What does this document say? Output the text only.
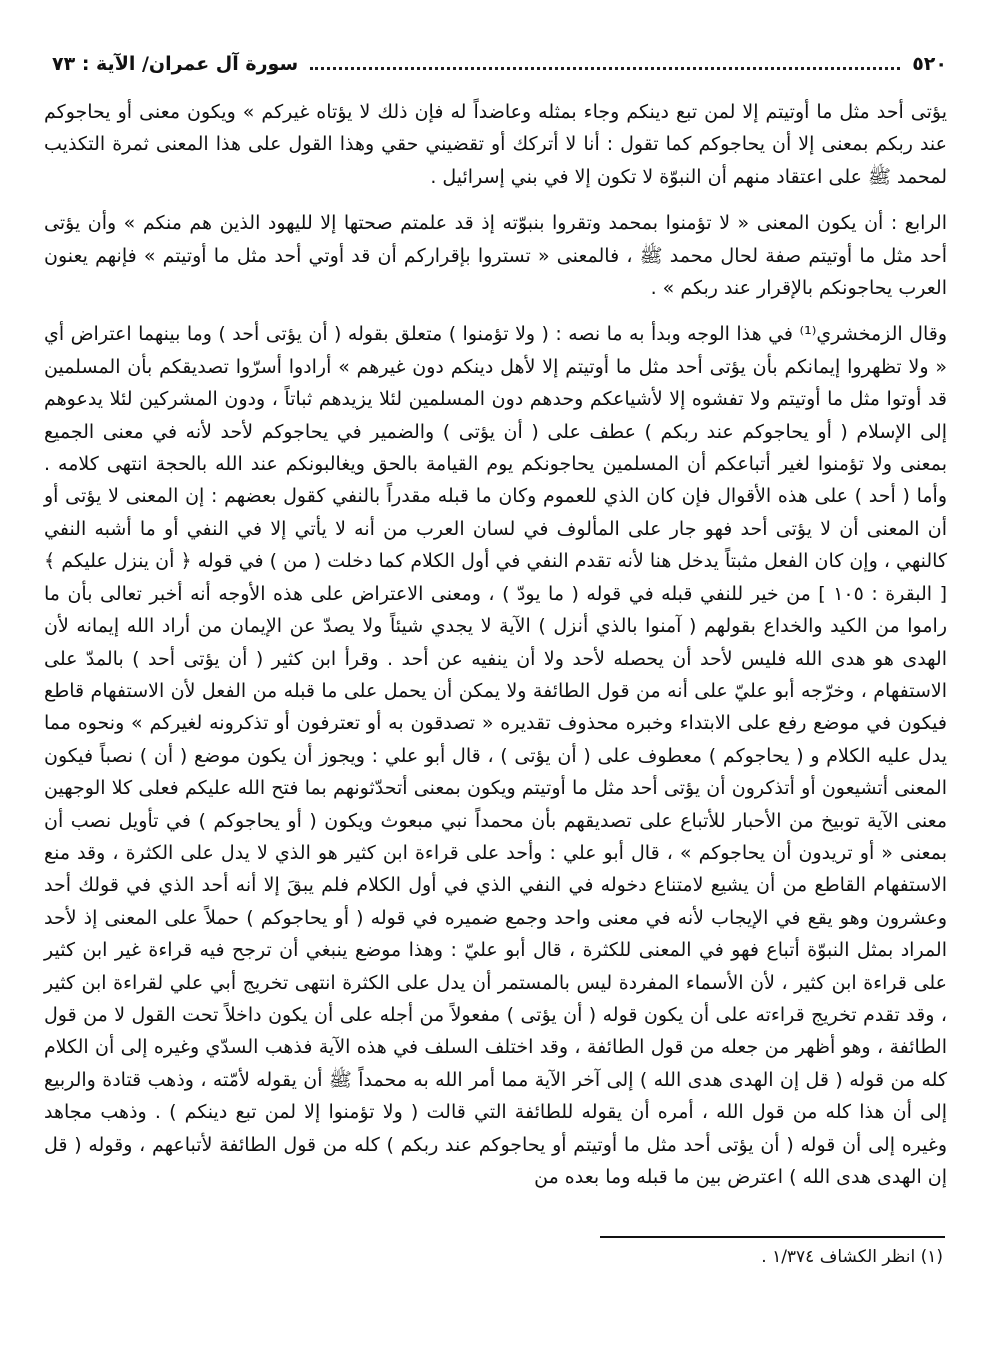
٥٢٠
سورة آل عمران/ الآية : ٧٣

يؤتى أحد مثل ما أوتيتم إلا لمن تبع دينكم وجاء بمثله وعاضداً له فإن ذلك لا يؤتاه غيركم » ويكون معنى أو يحاجوكم عند ربكم بمعنى إلا أن يحاجوكم كما تقول : أنا لا أتركك أو تقضيني حقي وهذا القول على هذا المعنى ثمرة التكذيب لمحمد ﷺ على اعتقاد منهم أن النبوّة لا تكون إلا في بني إسرائيل .

الرابع : أن يكون المعنى « لا تؤمنوا بمحمد وتقروا بنبوّته إذ قد علمتم صحتها إلا لليهود الذين هم منكم » وأن يؤتى أحد مثل ما أوتيتم صفة لحال محمد ﷺ ، فالمعنى « تستروا بإقراركم أن قد أوتي أحد مثل ما أوتيتم » فإنهم يعنون العرب يحاجونكم بالإقرار عند ربكم » .

وقال الزمخشري⁽¹⁾ في هذا الوجه وبدأ به ما نصه : ( ولا تؤمنوا ) متعلق بقوله ( أن يؤتى أحد ) وما بينهما اعتراض أي « ولا تظهروا إيمانكم بأن يؤتى أحد مثل ما أوتيتم إلا لأهل دينكم دون غيرهم » أرادوا أسرّوا تصديقكم بأن المسلمين قد أوتوا مثل ما أوتيتم ولا تفشوه إلا لأشياعكم وحدهم دون المسلمين لئلا يزيدهم ثباتاً ، ودون المشركين لئلا يدعوهم إلى الإسلام ( أو يحاجوكم عند ربكم ) عطف على ( أن يؤتى ) والضمير في يحاجوكم لأحد لأنه في معنى الجميع بمعنى ولا تؤمنوا لغير أتباعكم أن المسلمين يحاجونكم يوم القيامة بالحق ويغالبونكم عند الله بالحجة انتهى كلامه . وأما ( أحد ) على هذه الأقوال فإن كان الذي للعموم وكان ما قبله مقدراً بالنفي كقول بعضهم : إن المعنى لا يؤتى أو أن المعنى أن لا يؤتى أحد فهو جار على المألوف في لسان العرب من أنه لا يأتي إلا في النفي أو ما أشبه النفي كالنهي ، وإن كان الفعل مثبتاً يدخل هنا لأنه تقدم النفي في أول الكلام كما دخلت ( من ) في قوله ﴿ أن ينزل عليكم ﴾ [ البقرة : ١٠٥ ] من خير للنفي قبله في قوله ( ما يودّ ) ، ومعنى الاعتراض على هذه الأوجه أنه أخبر تعالى بأن ما راموا من الكيد والخداع بقولهم ( آمنوا بالذي أنزل ) الآية لا يجدي شيئاً ولا يصدّ عن الإيمان من أراد الله إيمانه لأن الهدى هو هدى الله فليس لأحد أن يحصله لأحد ولا أن ينفيه عن أحد . وقرأ ابن كثير ( أن يؤتى أحد ) بالمدّ على الاستفهام ، وخرّجه أبو عليّ على أنه من قول الطائفة ولا يمكن أن يحمل على ما قبله من الفعل لأن الاستفهام قاطع فيكون في موضع رفع على الابتداء وخبره محذوف تقديره « تصدقون به أو تعترفون أو تذكرونه لغيركم » ونحوه مما يدل عليه الكلام و ( يحاجوكم ) معطوف على ( أن يؤتى ) ، قال أبو علي : ويجوز أن يكون موضع ( أن ) نصباً فيكون المعنى أتشيعون أو أتذكرون أن يؤتى أحد مثل ما أوتيتم ويكون بمعنى أتحدّثونهم بما فتح الله عليكم فعلى كلا الوجهين معنى الآية توبيخ من الأحبار للأتباع على تصديقهم بأن محمداً نبي مبعوث ويكون ( أو يحاجوكم ) في تأويل نصب أن بمعنى « أو تريدون أن يحاجوكم » ، قال أبو علي : وأحد على قراءة ابن كثير هو الذي لا يدل على الكثرة ، وقد منع الاستفهام القاطع من أن يشيع لامتناع دخوله في النفي الذي في أول الكلام فلم يبقَ إلا أنه أحد الذي في قولك أحد وعشرون وهو يقع في الإيجاب لأنه في معنى واحد وجمع ضميره في قوله ( أو يحاجوكم ) حملاً على المعنى إذ لأحد المراد بمثل النبوّة أتباع فهو في المعنى للكثرة ، قال أبو عليّ : وهذا موضع ينبغي أن ترجح فيه قراءة غير ابن كثير على قراءة ابن كثير ، لأن الأسماء المفردة ليس بالمستمر أن يدل على الكثرة انتهى تخريج أبي علي لقراءة ابن كثير ، وقد تقدم تخريج قراءته على أن يكون قوله ( أن يؤتى ) مفعولاً من أجله على أن يكون داخلاً تحت القول لا من قول الطائفة ، وهو أظهر من جعله من قول الطائفة ، وقد اختلف السلف في هذه الآية فذهب السدّي وغيره إلى أن الكلام كله من قوله ( قل إن الهدى هدى الله ) إلى آخر الآية مما أمر الله به محمداً ﷺ أن يقوله لأمّته ، وذهب قتادة والربيع إلى أن هذا كله من قول الله ، أمره أن يقوله للطائفة التي قالت ( ولا تؤمنوا إلا لمن تبع دينكم ) . وذهب مجاهد وغيره إلى أن قوله ( أن يؤتى أحد مثل ما أوتيتم أو يحاجوكم عند ربكم ) كله من قول الطائفة لأتباعهم ، وقوله ( قل إن الهدى هدى الله ) اعترض بين ما قبله وما بعده من

(١) انظر الكشاف ١/٣٧٤ .
